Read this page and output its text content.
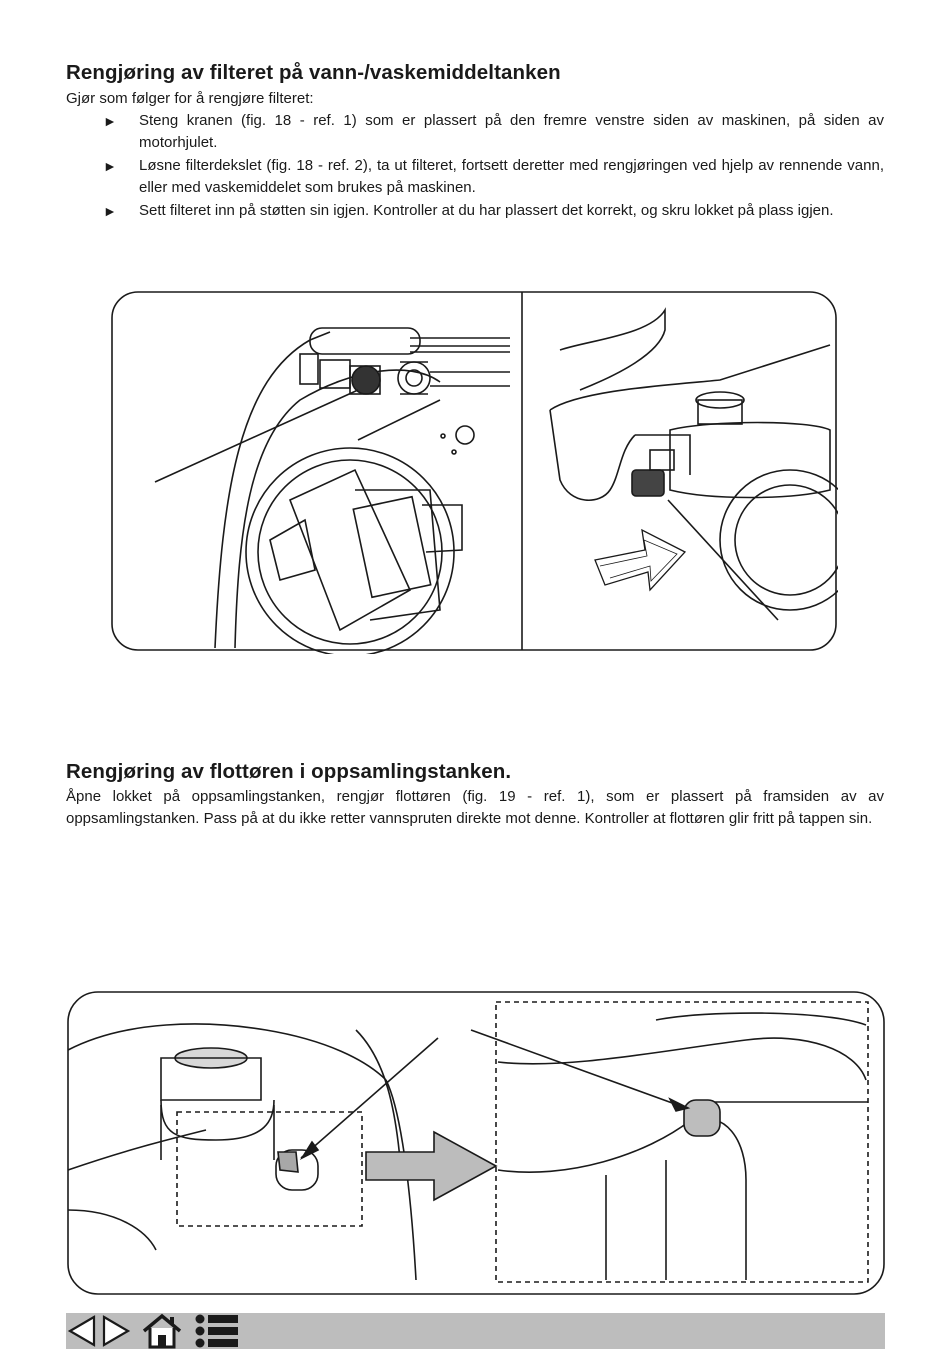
Rengjøring av filteret på vann-/vaskemiddeltanken
Gjør som følger for å rengjøre filteret:
► Steng kranen (fig. 18 - ref. 1) som er plassert på den fremre venstre siden av maskinen, på siden av motorhjulet.
► Løsne filterdekslet (fig. 18 - ref. 2), ta ut filteret, fortsett deretter med rengjøringen ved hjelp av rennende vann, eller med vaskemiddelet som brukes på maskinen.
► Sett filteret inn på støtten sin igjen. Kontroller at du har plassert det korrekt, og skru lokket på plass igjen.
Rengjøring av flottøren i oppsamlingstanken.
Åpne lokket på oppsamlingstanken, rengjør flottøren (fig. 19 - ref. 1), som er plassert på framsiden av av oppsamlingstanken. Pass på at du ikke retter vannspruten direkte mot denne. Kontroller at flottøren glir fritt på tappen sin.
